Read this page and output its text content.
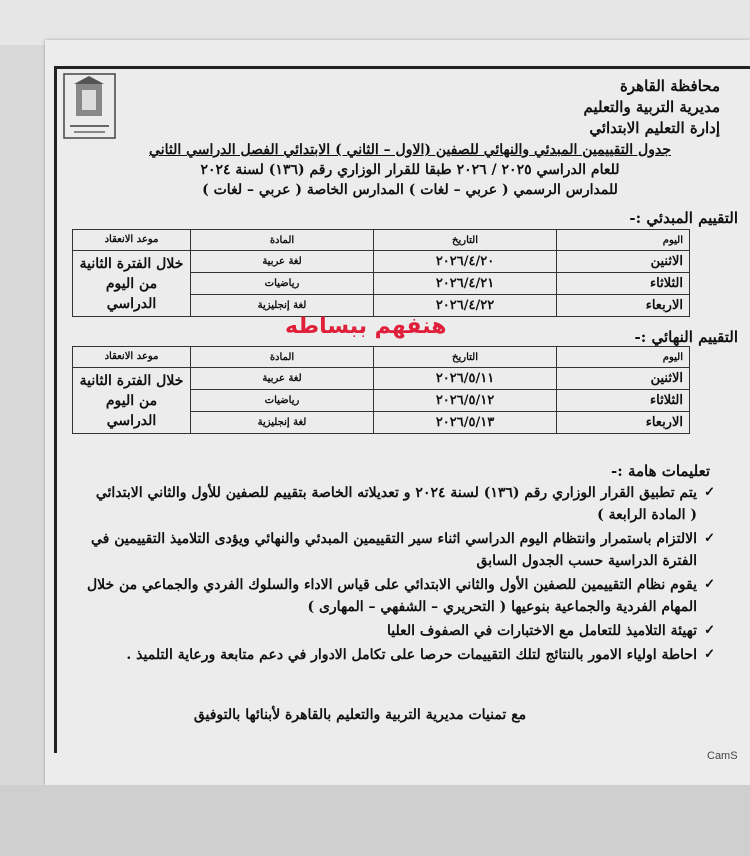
محافظة القاهرة
مديرية التربية والتعليم
إدارة التعليم الابتدائي
جدول التقييمين المبدئي والنهائي للصفين (الاول – الثاني ) الابتدائي الفصل الدراسي الثاني
للعام الدراسي ٢٠٢٥ / ٢٠٢٦ طبقا للقرار الوزاري رقم (١٣٦) لسنة ٢٠٢٤
للمدارس الرسمي ( عربي – لغات ) المدارس الخاصة ( عربي – لغات )
التقييم المبدئي :-
اليوم	التاريخ	المادة	موعد الانعقاد
الاثنين	٢٠٢٦/٤/٢٠	لغة عربية	خلال الفترة الثانية
من اليوم الدراسي

الثلاثاء	٢٠٢٦/٤/٢١	رياضيات	
الاربعاء	٢٠٢٦/٤/٢٢	لغة إنجليزية	
هنفهم ببساطه	التقييم النهائي :-
اليوم	التاريخ	المادة	موعد الانعقاد
الاثنين	٢٠٢٦/٥/١١	لغة عربية	خلال الفترة الثانية
من اليوم الدراسي

الثلاثاء	٢٠٢٦/٥/١٢	رياضيات	
الاربعاء	٢٠٢٦/٥/١٣	لغة إنجليزية	
تعليمات هامة :-
✓
يتم تطبيق القرار الوزاري رقم (١٣٦) لسنة ٢٠٢٤ و تعديلاته الخاصة بتقييم للصفين للأول والثاني الابتدائي ( المادة الرابعة )
✓
الالتزام باستمرار وانتظام اليوم الدراسي اثناء سير التقييمين المبدئي والنهائي ويؤدى التلاميذ التقييمين في الفترة الدراسية حسب الجدول السابق
✓
يقوم نظام التقييمين للصفين الأول والثاني الابتدائي على قياس الاداء والسلوك الفردي والجماعي من خلال المهام الفردية والجماعية بنوعيها ( التحريري – الشفهي – المهارى )
✓
تهيئة التلاميذ للتعامل مع الاختبارات في الصفوف العليا
✓
احاطة اولياء الامور بالنتائج لتلك التقييمات حرصا على تكامل الادوار في دعم متابعة ورعاية التلميذ .
مع تمنيات مديرية التربية والتعليم بالقاهرة لأبنائها بالتوفيق
CamS
